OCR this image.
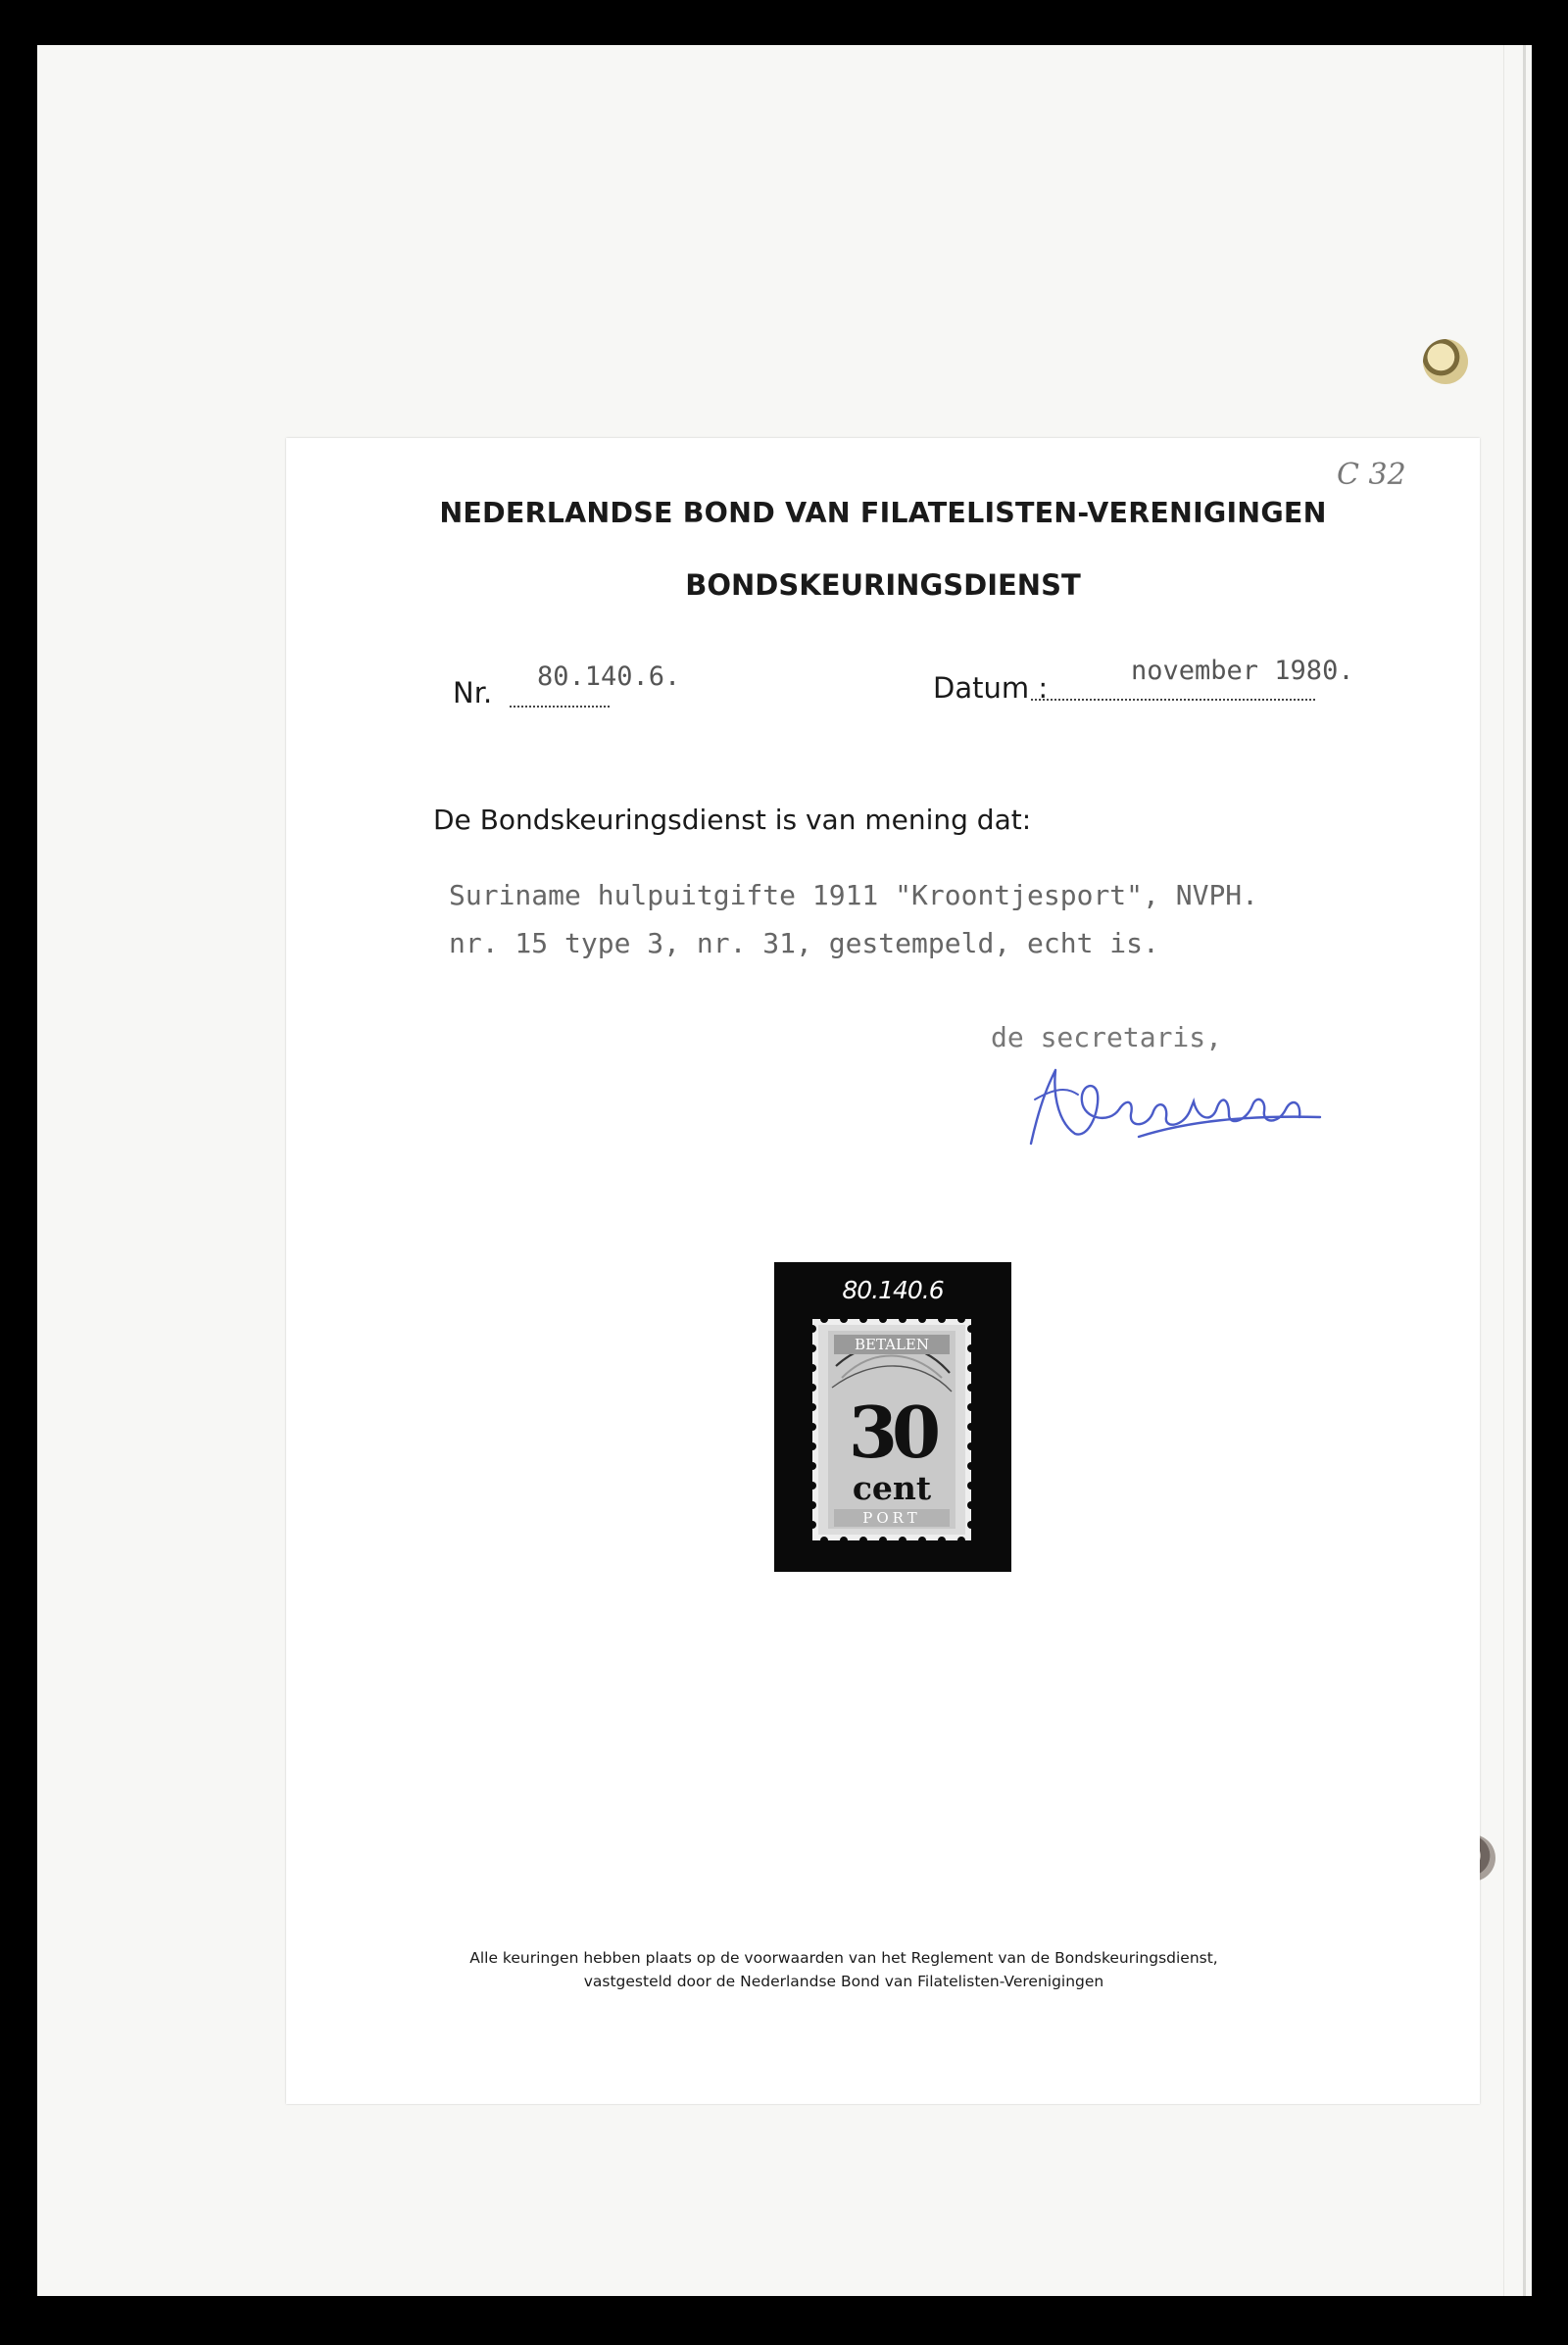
C 32
NEDERLANDSE BOND VAN FILATELISTEN-VERENIGINGEN
BONDSKEURINGSDIENST
Nr. 80.140.6.	Datum :
november 1980.
De Bondskeuringsdienst is van mening dat:
Suriname hulpuitgifte 1911 "Kroontjesport", NVPH.
nr. 15 type 3, nr. 31, gestempeld, echt is.
de secretaris,
80.140.6
BETALEN
30
cent
PORT
Alle keuringen hebben plaats op de voorwaarden van het Reglement van de Bondskeuringsdienst,
vastgesteld door de Nederlandse Bond van Filatelisten-Verenigingen
